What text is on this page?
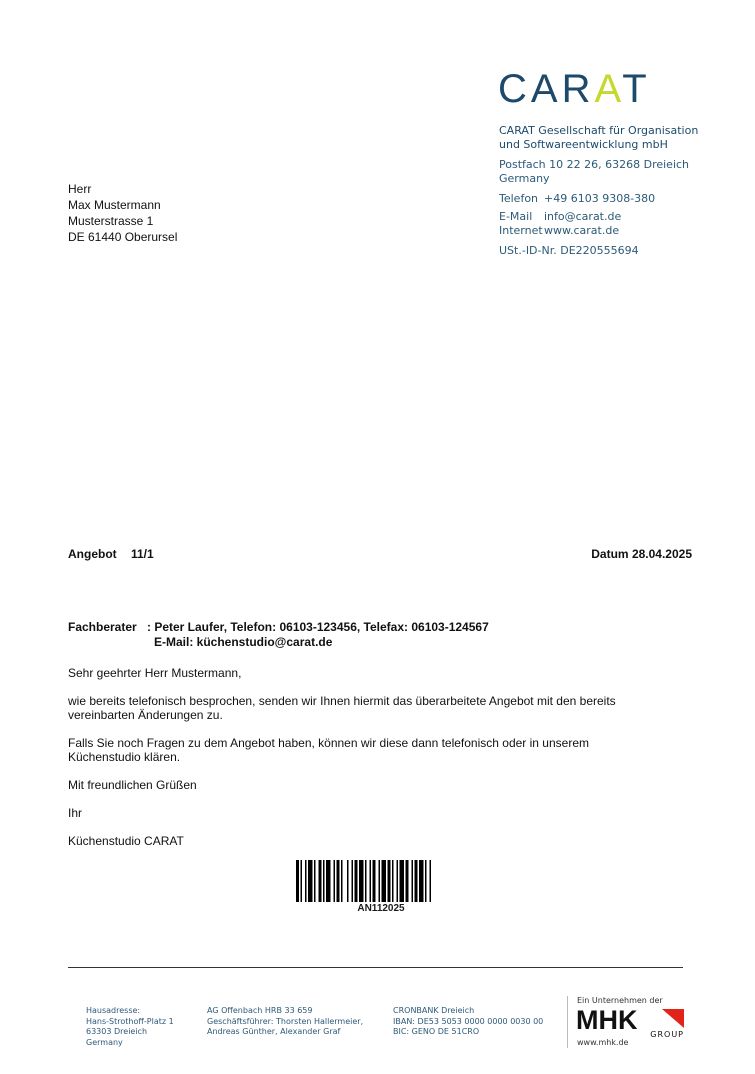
CARAT
CARAT Gesellschaft für Organisation
und Softwareentwicklung mbH
Postfach 10 22 26, 63268 Dreieich
Germany
Telefon +49 6103 9308-380
E-Mail info@carat.de
Internetwww.carat.de
USt.-ID-Nr. DE220555694
Herr
Max Mustermann
Musterstrasse 1
DE 61440 Oberursel
Angebot 11/1	Datum 28.04.2025
Fachberater : Peter Laufer, Telefon: 06103-123456, Telefax: 06103-124567
E-Mail: küchenstudio@carat.de
Sehr geehrter Herr Mustermann,
wie bereits telefonisch besprochen, senden wir Ihnen hiermit das überarbeitete Angebot mit den bereits
vereinbarten Änderungen zu.
Falls Sie noch Fragen zu dem Angebot haben, können wir diese dann telefonisch oder in unserem
Küchenstudio klären.
Mit freundlichen Grüßen
Ihr
Küchenstudio CARAT
AN112025
Hausadresse:
Hans-Strothoff-Platz 1
63303 Dreieich
Germany
AG Offenbach HRB 33 659
Geschäftsführer: Thorsten Hallermeier,
Andreas Günther, Alexander Graf
CRONBANK Dreieich
IBAN: DE53 5053 0000 0000 0030 00
BIC: GENO DE 51CRO
Ein Unternehmen der
MHK GROUP
www.mhk.de
